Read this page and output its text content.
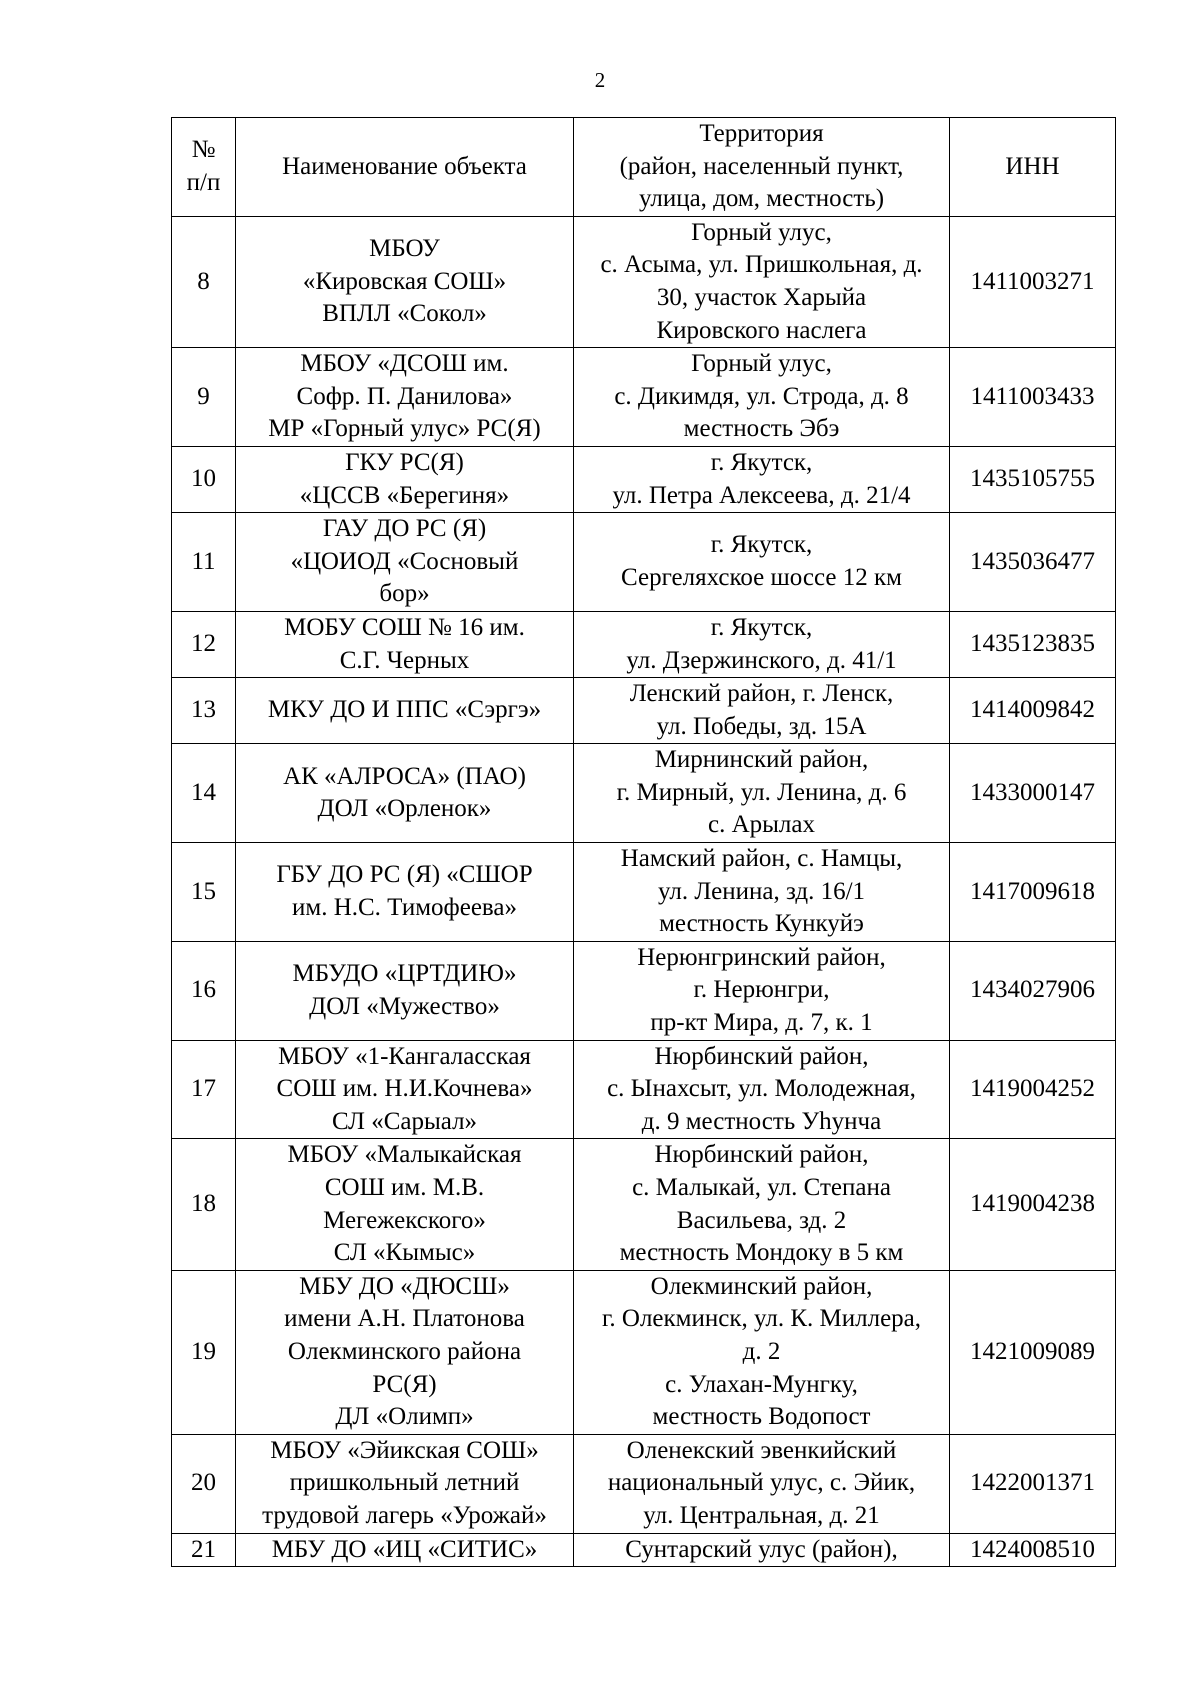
2
№
п/п	Наименование объекта	Территория
(район, населенный пункт,
улица, дом, местность)	ИНН
8	МБОУ
«Кировская СОШ»
ВПЛЛ «Сокол»	Горный улус,
с. Асыма, ул. Пришкольная, д.
30, участок Харыйа
Кировского наслега	1411003271
9	МБОУ «ДСОШ им.
Софр. П. Данилова»
МР «Горный улус» РС(Я)	Горный улус,
с. Дикимдя, ул. Строда, д. 8
местность Эбэ	1411003433
10	ГКУ РС(Я)
«ЦССВ «Берегиня»	г. Якутск,
ул. Петра Алексеева, д. 21/4	1435105755
11	ГАУ ДО РС (Я)
«ЦОИОД «Сосновый
бор»	г. Якутск,
Сергеляхское шоссе 12 км	1435036477
12	МОБУ СОШ № 16 им.
С.Г. Черных	г. Якутск,
ул. Дзержинского, д. 41/1	1435123835
13	МКУ ДО И ППС «Сэргэ»	Ленский район, г. Ленск,
ул. Победы, зд. 15А	1414009842
14	АК «АЛРОСА» (ПАО)
ДОЛ «Орленок»	Мирнинский район,
г. Мирный, ул. Ленина, д. 6
с. Арылах	1433000147
15	ГБУ ДО РС (Я) «СШОР
им. Н.С. Тимофеева»	Намский район, с. Намцы,
ул. Ленина, зд. 16/1
местность Кункуйэ	1417009618
16	МБУДО «ЦРТДИЮ»
ДОЛ «Мужество»	Нерюнгринский район,
г. Нерюнгри,
пр-кт Мира, д. 7, к. 1	1434027906
17	МБОУ «1-Кангаласская
СОШ им. Н.И.Кочнева»
СЛ «Сарыал»	Нюрбинский район,
с. Ынахсыт, ул. Молодежная,
д. 9 местность Уhунча	1419004252
18	МБОУ «Малыкайская
СОШ им. М.В.
Мегежекского»
СЛ «Кымыс»	Нюрбинский район,
с. Малыкай, ул. Степана
Васильева, зд. 2
местность Мондоку в 5 км	1419004238
19	МБУ ДО «ДЮСШ»
имени А.Н. Платонова
Олекминского района
РС(Я)
ДЛ «Олимп»	Олекминский район,
г. Олекминск, ул. К. Миллера,
д. 2
с. Улахан-Мунгку,
местность Водопост	1421009089
20	МБОУ «Эйикская СОШ»
пришкольный летний
трудовой лагерь «Урожай»	Оленекский эвенкийский
национальный улус, с. Эйик,
ул. Центральная, д. 21	1422001371
21	МБУ ДО «ИЦ «СИТИС»	Сунтарский улус (район),	1424008510
